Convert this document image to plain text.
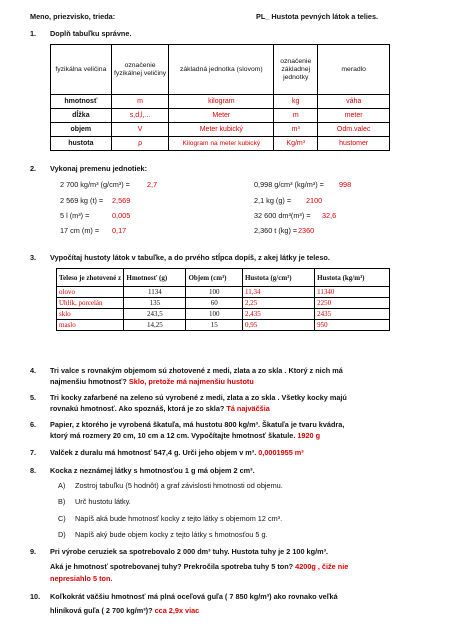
Meno, priezvisko, trieda:	PL_ Hustota pevných látok a telies.
1. Doplň tabuľku správne.
fyzikálna veličina	označenie fyzikálnej veličiny	základná jednotka (slovom)	označenie základnej jednotky	meradlo
hmotnosť	m	kilogram	kg	váha
dĺžka	s,d,l,...	Meter	m	meter
objem	V	Meter kubický	m³	Odm.valec
hustota	ρ	Kilogram na meter kubický	Kg/m³	hustomer
2. Vykonaj premenu jednotiek:
2 700 kg/m³ (g/cm³) = 2,7
2 569 kg (t) = 2,569
5 l (m³) =	0,005
17 cm (m) = 0,17
0,998 g/cm³ (kg/m³) = 998
2,1 kg (g) = 2100
32 600 dm³(m³) = 32,6
2,360 t (kg) = 2360
3. Vypočítaj hustoty látok v tabuľke, a do prvého stĺpca dopíš, z akej látky je teleso.
Teleso je zhotovené z	Hmotnosť (g)	Objem (cm³)	Hustota (g/cm³)	Hustota (kg/m³)
olovo	1134	100	11,34	11340
Uhlík, porcelán	135	60	2,25	2250
sklo	243,5	100	2,435	2435
maslo	14,25	15	0,95	950
4. Tri valce s rovnakým objemom sú zhotovené z medi, zlata a zo skla . Ktorý z nich má
najmenšiu hmotnosť? Sklo, pretože má najmenšiu hustotu
5. Tri kocky zafarbené na zeleno sú vyrobené z medi, zlata a zo skla . Všetky kocky majú
rovnakú hmotnosť. Ako spoznáš, ktorá je zo skla? Tá najväčšia
6. Papier, z ktorého je vyrobená škatuľa, má hustotu 800 kg/m³. Škatuľa je tvaru kvádra,
ktorý má rozmery 20 cm, 10 cm a 12 cm. Vypočítajte hmotnosť škatule. 1920 g
7. Valček z duralu má hmotnosť 547,4 g. Urči jeho objem v m³. 0,0001955 m³
8. Kocka z neznámej látky s hmotnosťou 1 g má objem 2 cm³.
A) Zostroj tabuľku (5 hodnôt) a graf závislosti hmotnosti od objemu.
B) Urč hustotu látky.
C) Napíš aká bude hmotnosť kocky z tejto látky s objemom 12 cm³.
D) Napíš aký bude objem kocky z tejto látky s hmotnosťou 5 g.
9. Pri výrobe ceruziek sa spotrebovalo 2 000 dm³ tuhy. Hustota tuhy je 2 100 kg/m³.
Aká je hmotnosť spotrebovanej tuhy? Prekročila spotreba tuhy 5 ton? 4200g , čiže nie
nepresiahlo 5 ton.
10. Koľkokrát väčšiu hmotnosť má plná oceľová guľa ( 7 850 kg/m³) ako rovnako veľká
hliníková guľa ( 2 700 kg/m³)? cca 2,9x viac
